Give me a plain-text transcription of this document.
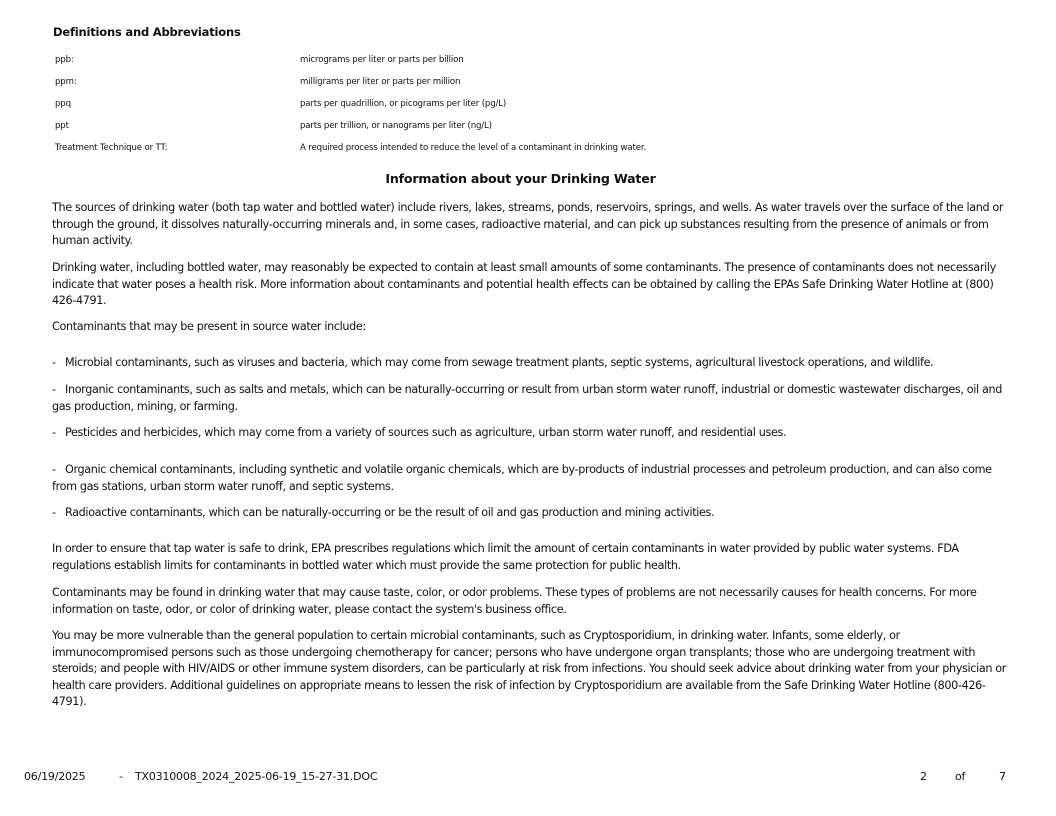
Definitions and Abbreviations
ppb:	micrograms per liter or parts per billion
ppm:	milligrams per liter or parts per million
ppq	parts per quadrillion, or picograms per liter (pg/L)
ppt	parts per trillion, or nanograms per liter (ng/L)
Treatment Technique or TT:	A required process intended to reduce the level of a contaminant in drinking water.
Information about your Drinking Water

The sources of drinking water (both tap water and bottled water) include rivers, lakes, streams, ponds, reservoirs, springs, and wells. As water travels over the surface of the land or through the ground, it dissolves naturally-occurring minerals and, in some cases, radioactive material, and can pick up substances resulting from the presence of animals or from human activity.

Drinking water, including bottled water, may reasonably be expected to contain at least small amounts of some contaminants. The presence of contaminants does not necessarily indicate that water poses a health risk. More information about contaminants and potential health effects can be obtained by calling the EPAs Safe Drinking Water Hotline at (800) 426-4791.

Contaminants that may be present in source water include:

- Microbial contaminants, such as viruses and bacteria, which may come from sewage treatment plants, septic systems, agricultural livestock operations, and wildlife.
- Inorganic contaminants, such as salts and metals, which can be naturally-occurring or result from urban storm water runoff, industrial or domestic wastewater discharges, oil and gas production, mining, or farming.
- Pesticides and herbicides, which may come from a variety of sources such as agriculture, urban storm water runoff, and residential uses.
- Organic chemical contaminants, including synthetic and volatile organic chemicals, which are by-products of industrial processes and petroleum production, and can also come from gas stations, urban storm water runoff, and septic systems.
- Radioactive contaminants, which can be naturally-occurring or be the result of oil and gas production and mining activities.

In order to ensure that tap water is safe to drink, EPA prescribes regulations which limit the amount of certain contaminants in water provided by public water systems. FDA regulations establish limits for contaminants in bottled water which must provide the same protection for public health.

Contaminants may be found in drinking water that may cause taste, color, or odor problems. These types of problems are not necessarily causes for health concerns. For more information on taste, odor, or color of drinking water, please contact the system's business office.

You may be more vulnerable than the general population to certain microbial contaminants, such as Cryptosporidium, in drinking water. Infants, some elderly, or immunocompromised persons such as those undergoing chemotherapy for cancer; persons who have undergone organ transplants; those who are undergoing treatment with steroids; and people with HIV/AIDS or other immune system disorders, can be particularly at risk from infections. You should seek advice about drinking water from your physician or health care providers. Additional guidelines on appropriate means to lessen the risk of infection by Cryptosporidium are available from the Safe Drinking Water Hotline (800-426-4791).

06/19/2025	- TX0310008_2024_2025-06-19_15-27-31.DOC	2	of	7
